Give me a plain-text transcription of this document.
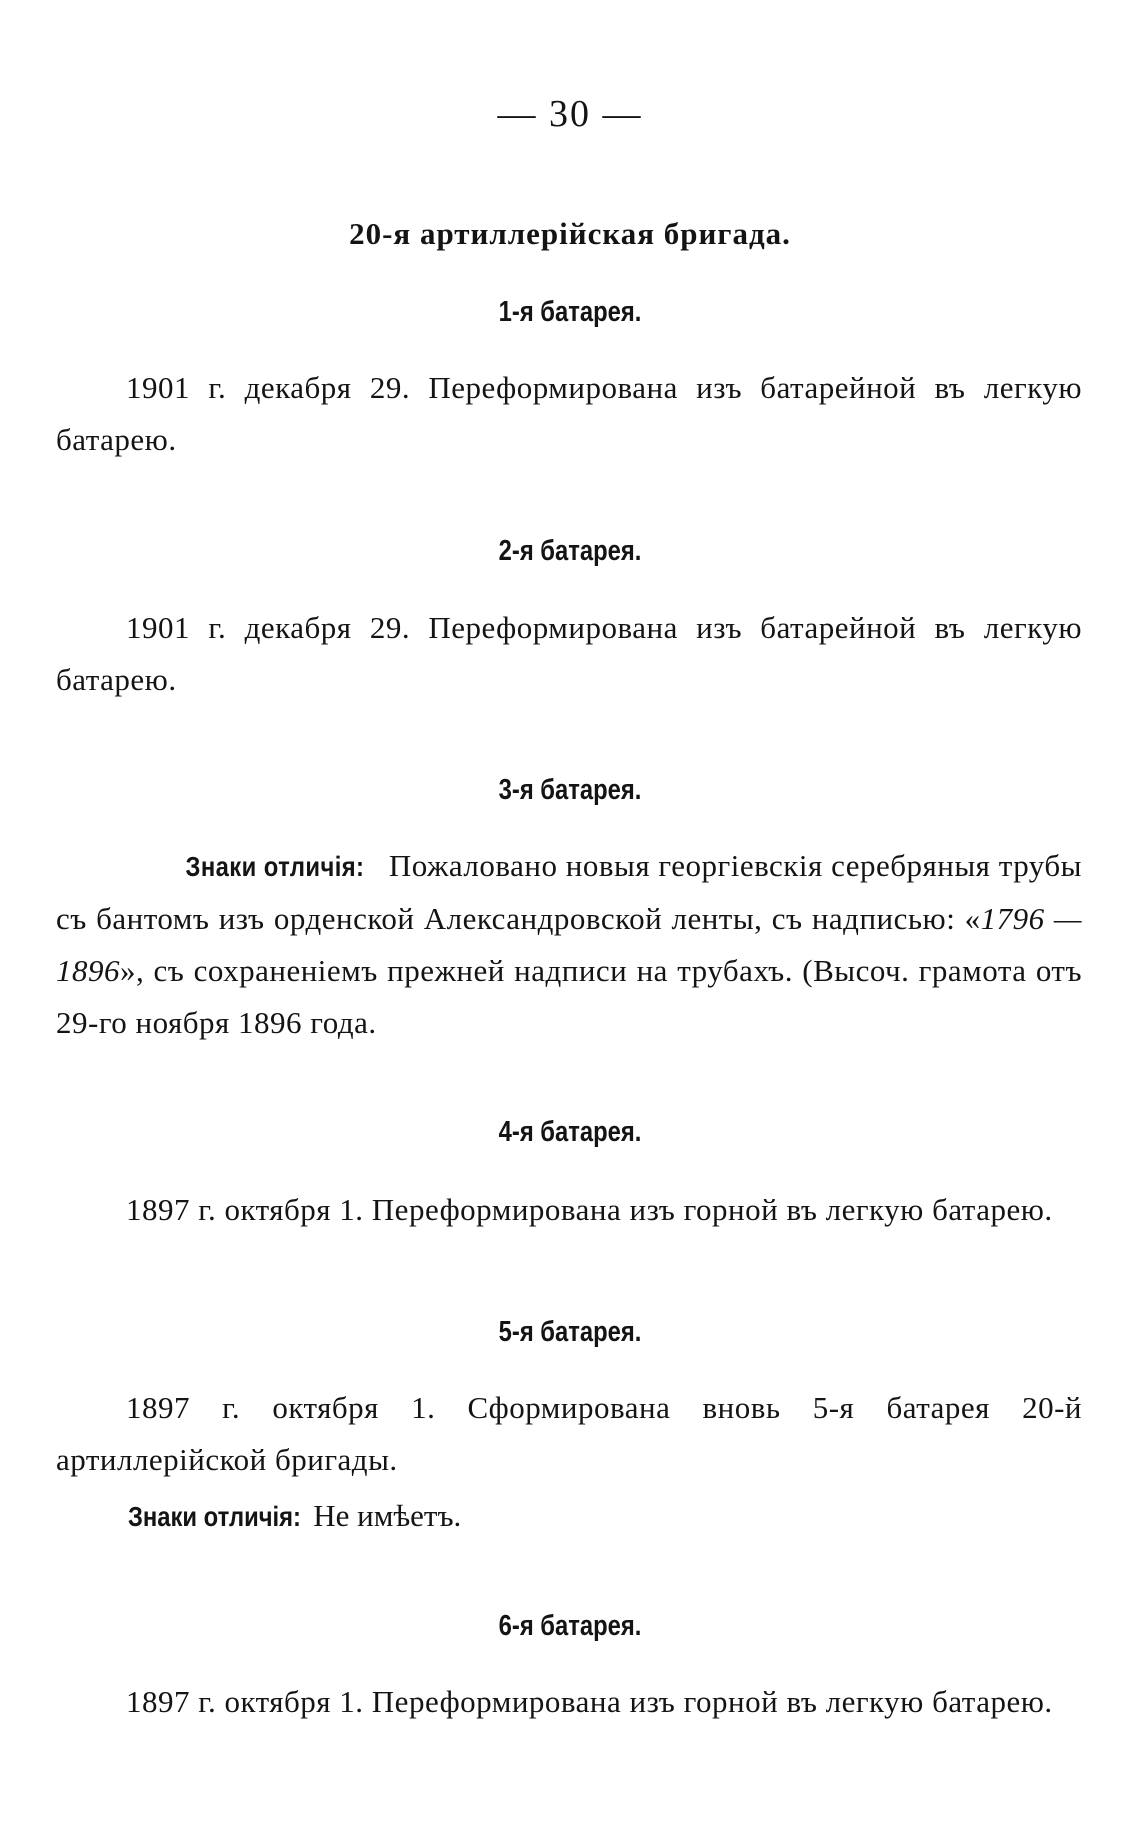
— 30 —
20-я артиллерійская бригада.
1-я батарея.
1901 г. декабря 29. Переформирована изъ батарейной въ легкую батарею.
2-я батарея.
1901 г. декабря 29. Переформирована изъ батарейной въ легкую батарею.
3-я батарея.
Знаки отличія: Пожаловано новыя георгіевскія серебряныя трубы съ бантомъ изъ орденской Александровской ленты, съ надписью: «1796 — 1896», съ сохраненіемъ прежней надписи на трубахъ. (Высоч. грамота отъ 29-го ноября 1896 года.
4-я батарея.
1897 г. октября 1. Переформирована изъ горной въ легкую батарею.
5-я батарея.
1897 г. октября 1. Сформирована вновь 5-я батарея 20-й артиллерійской бригады.
Знаки отличія: Не имѣетъ.
6-я батарея.
1897 г. октября 1. Переформирована изъ горной въ легкую батарею.
